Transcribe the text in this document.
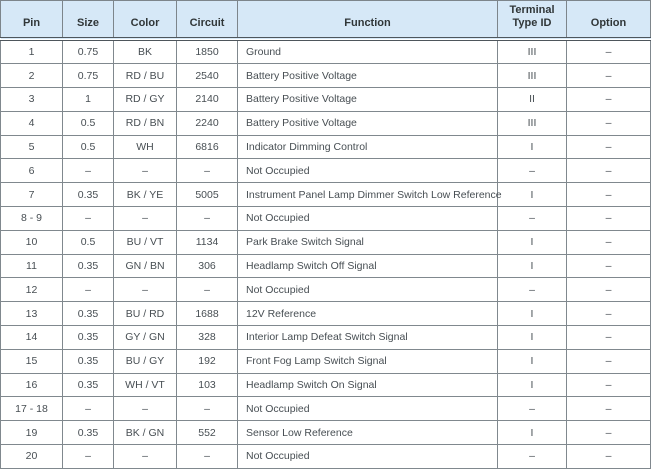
Pin	Size	Color	Circuit	Function	Terminal Type ID	Option
1	0.75	BK	1850	Ground	III	–
2	0.75	RD / BU	2540	Battery Positive Voltage	III	–
3	1	RD / GY	2140	Battery Positive Voltage	II	–
4	0.5	RD / BN	2240	Battery Positive Voltage	III	–
5	0.5	WH	6816	Indicator Dimming Control	I	–
6	–	–	–	Not Occupied	–	–
7	0.35	BK / YE	5005	Instrument Panel Lamp Dimmer Switch Low Reference	I	–
8 - 9	–	–	–	Not Occupied	–	–
10	0.5	BU / VT	1134	Park Brake Switch Signal	I	–
11	0.35	GN / BN	306	Headlamp Switch Off Signal	I	–
12	–	–	–	Not Occupied	–	–
13	0.35	BU / RD	1688	12V Reference	I	–
14	0.35	GY / GN	328	Interior Lamp Defeat Switch Signal	I	–
15	0.35	BU / GY	192	Front Fog Lamp Switch Signal	I	–
16	0.35	WH / VT	103	Headlamp Switch On Signal	I	–
17 - 18	–	–	–	Not Occupied	–	–
19	0.35	BK / GN	552	Sensor Low Reference	I	–
20	–	–	–	Not Occupied	–	–
